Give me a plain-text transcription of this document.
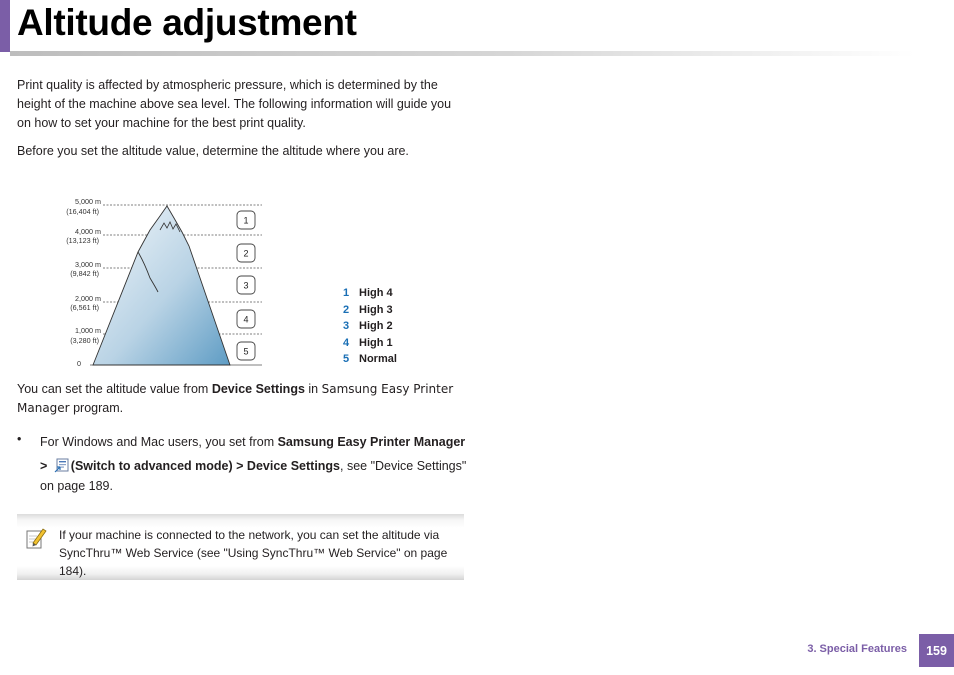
Altitude adjustment

Print quality is affected by atmospheric pressure, which is determined by the height of the machine above sea level. The following information will guide you on how to set your machine for the best print quality.

Before you set the altitude value, determine the altitude where you are.

5,000 m
(16,404 ft)
4,000 m
(13,123 ft)
3,000 m
(9,842 ft)
2,000 m
(6,561 ft)
1,000 m
(3,280 ft)
0
1
2
3
4
5
1 High 4
2 High 3
3 High 2
4 High 1
5 Normal

You can set the altitude value from Device Settings in Samsung Easy Printer Manager program.

• For Windows and Mac users, you set from Samsung Easy Printer Manager

> (Switch to advanced mode) > Device Settings, see "Device Settings" on page 189.

If your machine is connected to the network, you can set the altitude via SyncThru™ Web Service (see "Using SyncThru™ Web Service" on page 184).

3. Special Features	159
